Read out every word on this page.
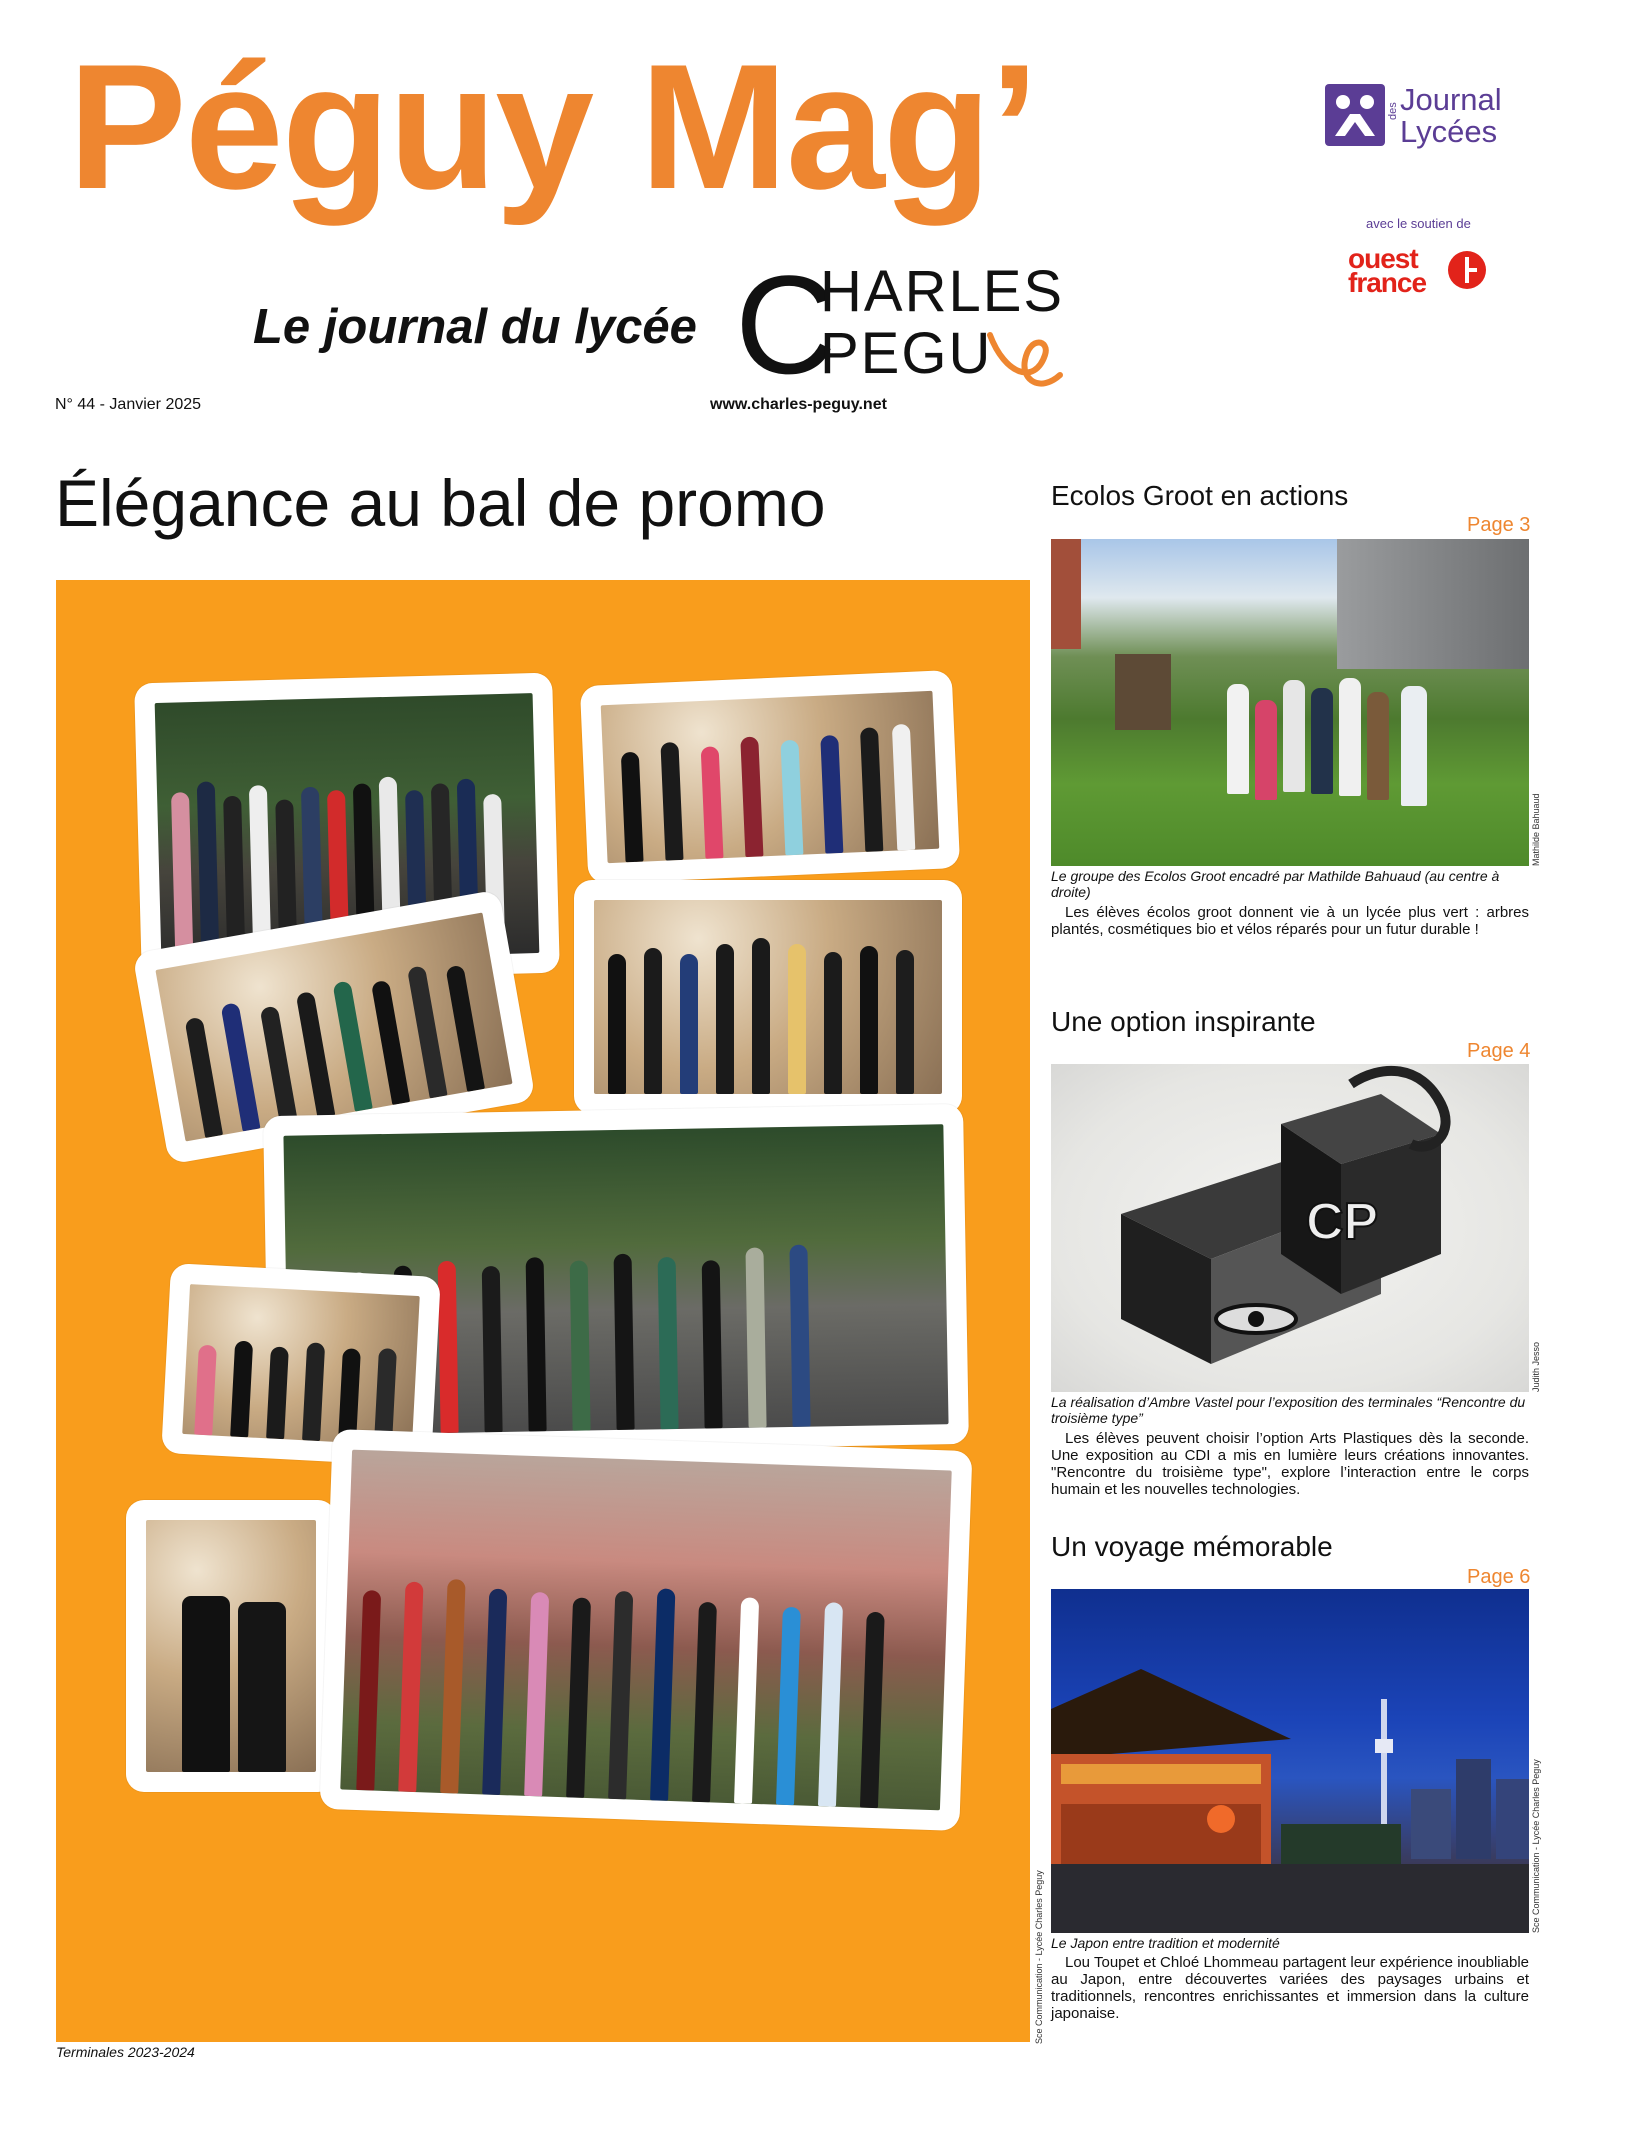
Péguy Mag’
Le journal du lycée C
HARLES
PEGU
Journal
des
Lycées
avec le soutien de
ouest
france
N° 44 - Janvier 2025	www.charles-peguy.net
Élégance au bal de promo
Sce Communication - Lycée Charles Peguy
Terminales 2023-2024
Ecolos Groot en actions
Page 3
Mathilde Bahuaud
Le groupe des Ecolos Groot encadré par Mathilde Bahuaud (au centre à droite)
Les élèves écolos groot donnent vie à un lycée plus vert : arbres plantés, cosmétiques bio et vélos réparés pour un futur durable !
Une option inspirante
Page 4
CP
Judith Jesso
La réalisation d’Ambre Vastel pour l’exposition des terminales “Rencontre du troisième type”
Les élèves peuvent choisir l’option Arts Plastiques dès la seconde. Une exposition au CDI a mis en lumière leurs créations innovantes. "Rencontre du troisième type", explore l’interaction entre le corps humain et les nouvelles technologies.
Un voyage mémorable
Page 6
Sce Communication - Lycée Charles Peguy
Le Japon entre tradition et modernité
Lou Toupet et Chloé Lhommeau partagent leur expérience inoubliable au Japon, entre découvertes variées des paysages urbains et traditionnels, rencontres enrichissantes et immersion dans la culture japonaise.
